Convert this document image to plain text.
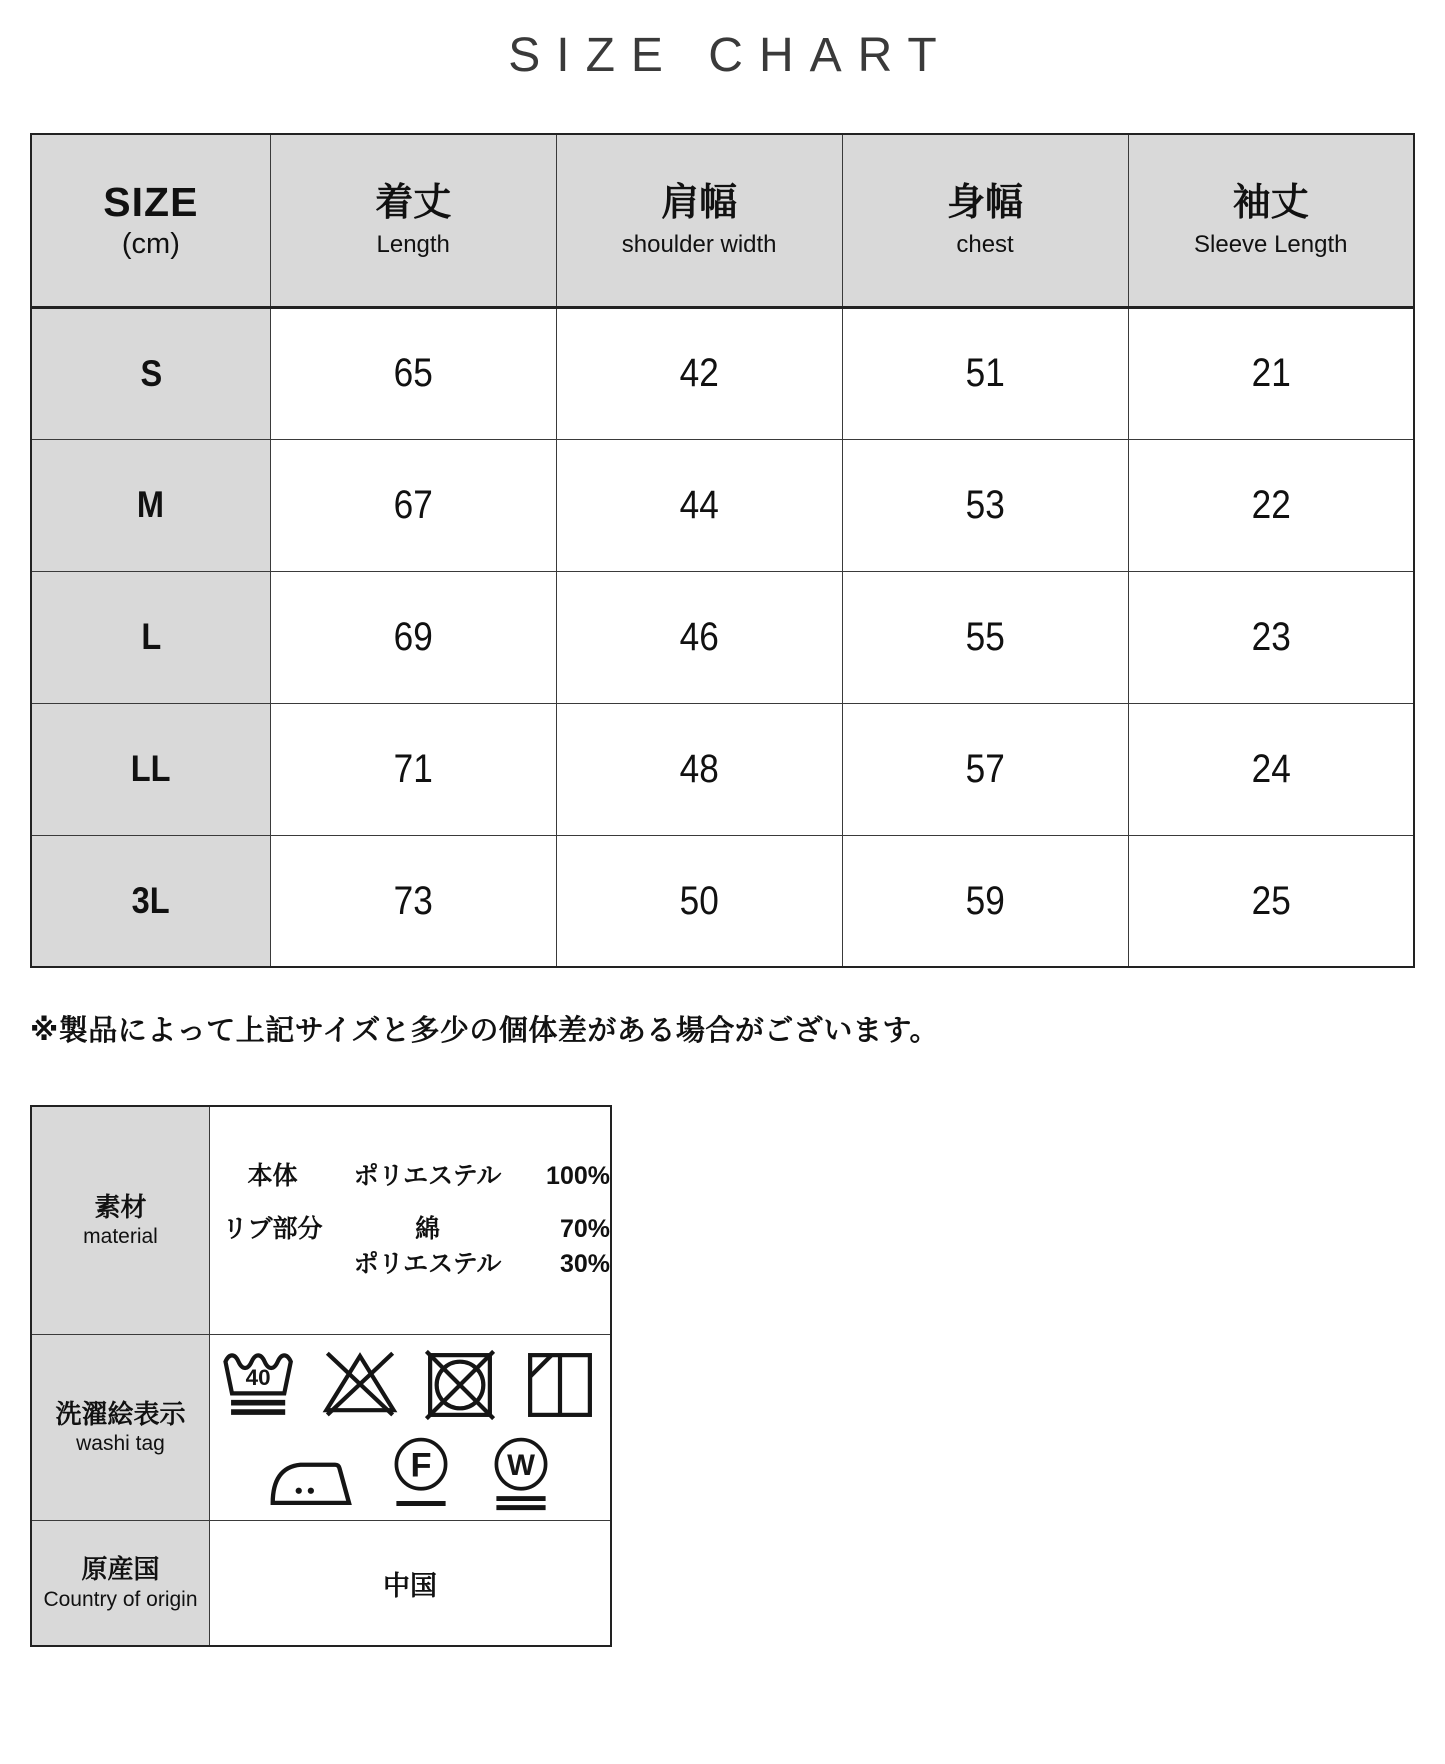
SIZE CHART
SIZE
(cm)

着丈
Length

肩幅
shoulder width

身幅
chest

袖丈
Sleeve Length

S	65	42	51	21
M	67	44	53	22
L	69	46	55	23
LL	71	48	57	24
3L	73	50	59	25

※製品によって上記サイズと多少の個体差がある場合がございます。

素材
material

本体	ポリエステル	100%
リブ部分	綿	70%
ポリエステル	30%

洗濯絵表示
washi tag

40
F W

原産国
Country of origin	中国
